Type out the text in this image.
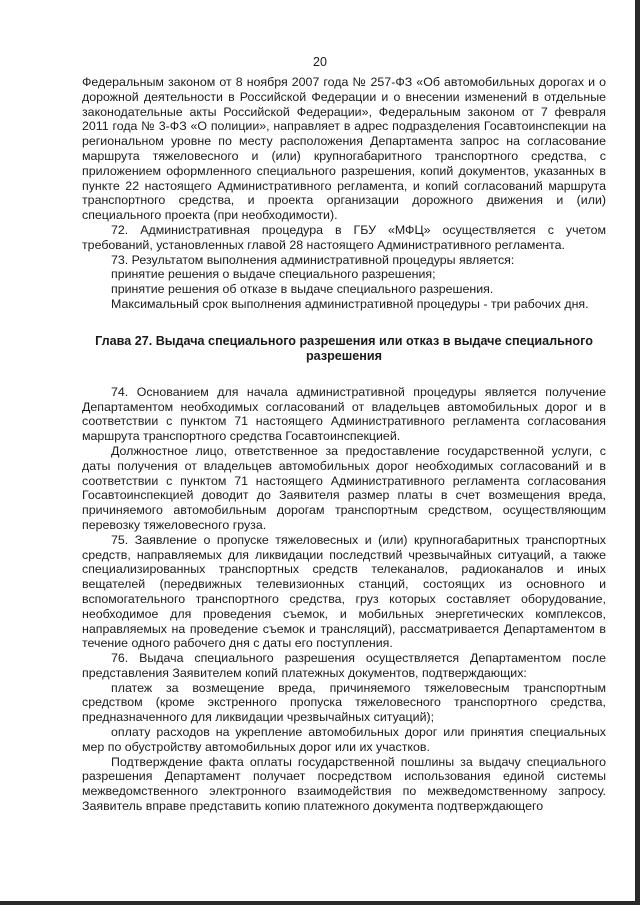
20

Федеральным законом от 8 ноября 2007 года № 257-ФЗ «Об автомобильных дорогах и о дорожной деятельности в Российской Федерации и о внесении изменений в отдельные законодательные акты Российской Федерации», Федеральным законом от 7 февраля 2011 года № 3-ФЗ «О полиции», направляет в адрес подразделения Госавтоинспекции на региональном уровне по месту расположения Департамента запрос на согласование маршрута тяжеловесного и (или) крупногабаритного транспортного средства, с приложением оформленного специального разрешения, копий документов, указанных в пункте 22 настоящего Административного регламента, и копий согласований маршрута транспортного средства, и проекта организации дорожного движения и (или) специального проекта (при необходимости).

72. Административная процедура в ГБУ «МФЦ» осуществляется с учетом требований, установленных главой 28 настоящего Административного регламента.

73. Результатом выполнения административной процедуры является:

принятие решения о выдаче специального разрешения;

принятие решения об отказе в выдаче специального разрешения.

Максимальный срок выполнения административной процедуры - три рабочих дня.

Глава 27. Выдача специального разрешения или отказ в выдаче специального разрешения

74. Основанием для начала административной процедуры является получение Департаментом необходимых согласований от владельцев автомобильных дорог и в соответствии с пунктом 71 настоящего Административного регламента согласования маршрута транспортного средства Госавтоинспекцией.

Должностное лицо, ответственное за предоставление государственной услуги, с даты получения от владельцев автомобильных дорог необходимых согласований и в соответствии с пунктом 71 настоящего Административного регламента согласования Госавтоинспекцией доводит до Заявителя размер платы в счет возмещения вреда, причиняемого автомобильным дорогам транспортным средством, осуществляющим перевозку тяжеловесного груза.

75. Заявление о пропуске тяжеловесных и (или) крупногабаритных транспортных средств, направляемых для ликвидации последствий чрезвычайных ситуаций, а также специализированных транспортных средств телеканалов, радиоканалов и иных вещателей (передвижных телевизионных станций, состоящих из основного и вспомогательного транспортного средства, груз которых составляет оборудование, необходимое для проведения съемок, и мобильных энергетических комплексов, направляемых на проведение съемок и трансляций), рассматривается Департаментом в течение одного рабочего дня с даты его поступления.

76. Выдача специального разрешения осуществляется Департаментом после представления Заявителем копий платежных документов, подтверждающих:

платеж за возмещение вреда, причиняемого тяжеловесным транспортным средством (кроме экстренного пропуска тяжеловесного транспортного средства, предназначенного для ликвидации чрезвычайных ситуаций);

оплату расходов на укрепление автомобильных дорог или принятия специальных мер по обустройству автомобильных дорог или их участков.

Подтверждение факта оплаты государственной пошлины за выдачу специального разрешения Департамент получает посредством использования единой системы межведомственного электронного взаимодействия по межведомственному запросу. Заявитель вправе представить копию платежного документа подтверждающего
